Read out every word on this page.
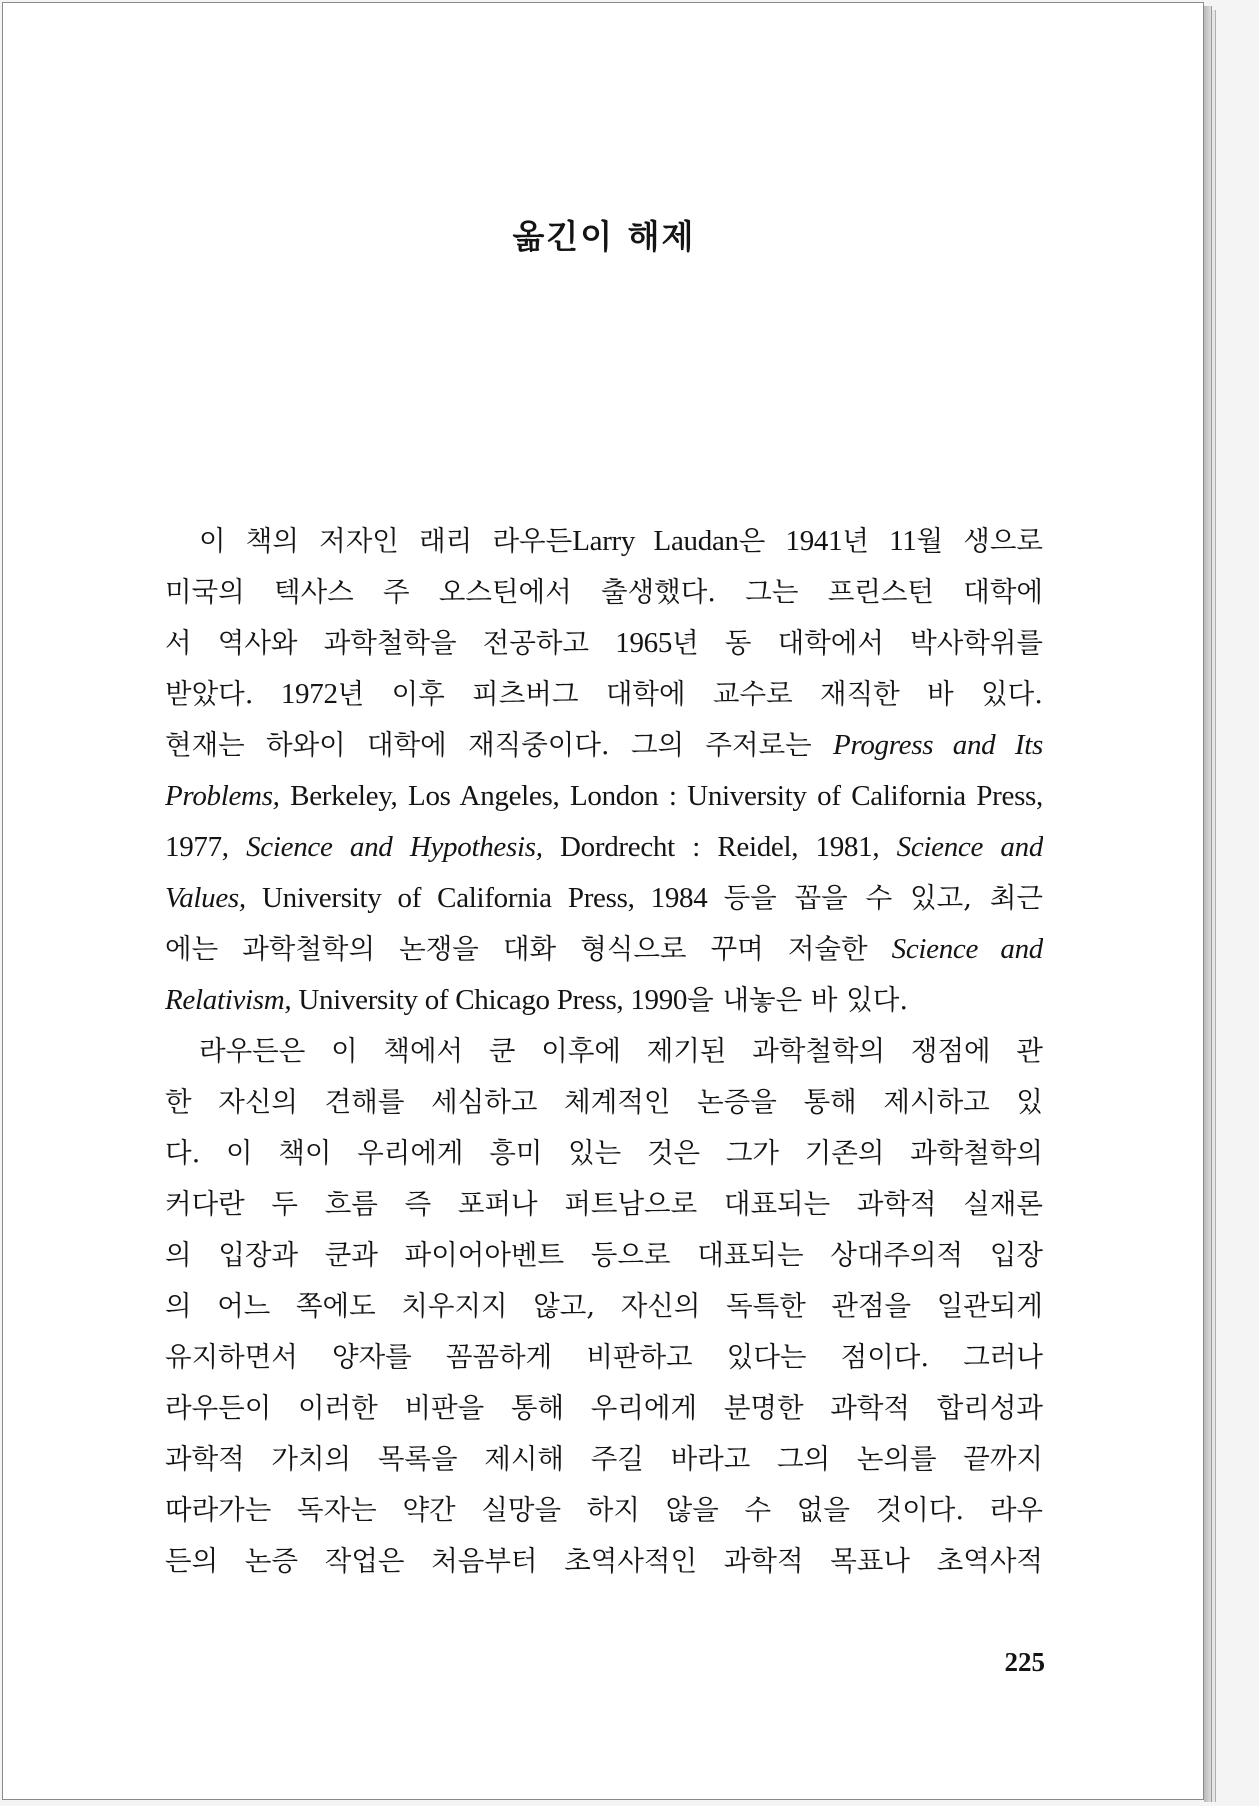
옮긴이 해제
이 책의 저자인 래리 라우든Larry Laudan은 1941년 11월 생으로
미국의 텍사스 주 오스틴에서 출생했다. 그는 프린스턴 대학에
서 역사와 과학철학을 전공하고 1965년 동 대학에서 박사학위를
받았다. 1972년 이후 피츠버그 대학에 교수로 재직한 바 있다.
현재는 하와이 대학에 재직중이다. 그의 주저로는 Progress and Its
Problems, Berkeley, Los Angeles, London : University of California Press,
1977, Science and Hypothesis, Dordrecht : Reidel, 1981, Science and
Values, University of California Press, 1984 등을 꼽을 수 있고, 최근
에는 과학철학의 논쟁을 대화 형식으로 꾸며 저술한 Science and
Relativism, University of Chicago Press, 1990을 내놓은 바 있다.
라우든은 이 책에서 쿤 이후에 제기된 과학철학의 쟁점에 관
한 자신의 견해를 세심하고 체계적인 논증을 통해 제시하고 있
다. 이 책이 우리에게 흥미 있는 것은 그가 기존의 과학철학의
커다란 두 흐름 즉 포퍼나 퍼트남으로 대표되는 과학적 실재론
의 입장과 쿤과 파이어아벤트 등으로 대표되는 상대주의적 입장
의 어느 쪽에도 치우지지 않고, 자신의 독특한 관점을 일관되게
유지하면서 양자를 꼼꼼하게 비판하고 있다는 점이다. 그러나
라우든이 이러한 비판을 통해 우리에게 분명한 과학적 합리성과
과학적 가치의 목록을 제시해 주길 바라고 그의 논의를 끝까지
따라가는 독자는 약간 실망을 하지 않을 수 없을 것이다. 라우
든의 논증 작업은 처음부터 초역사적인 과학적 목표나 초역사적
225
